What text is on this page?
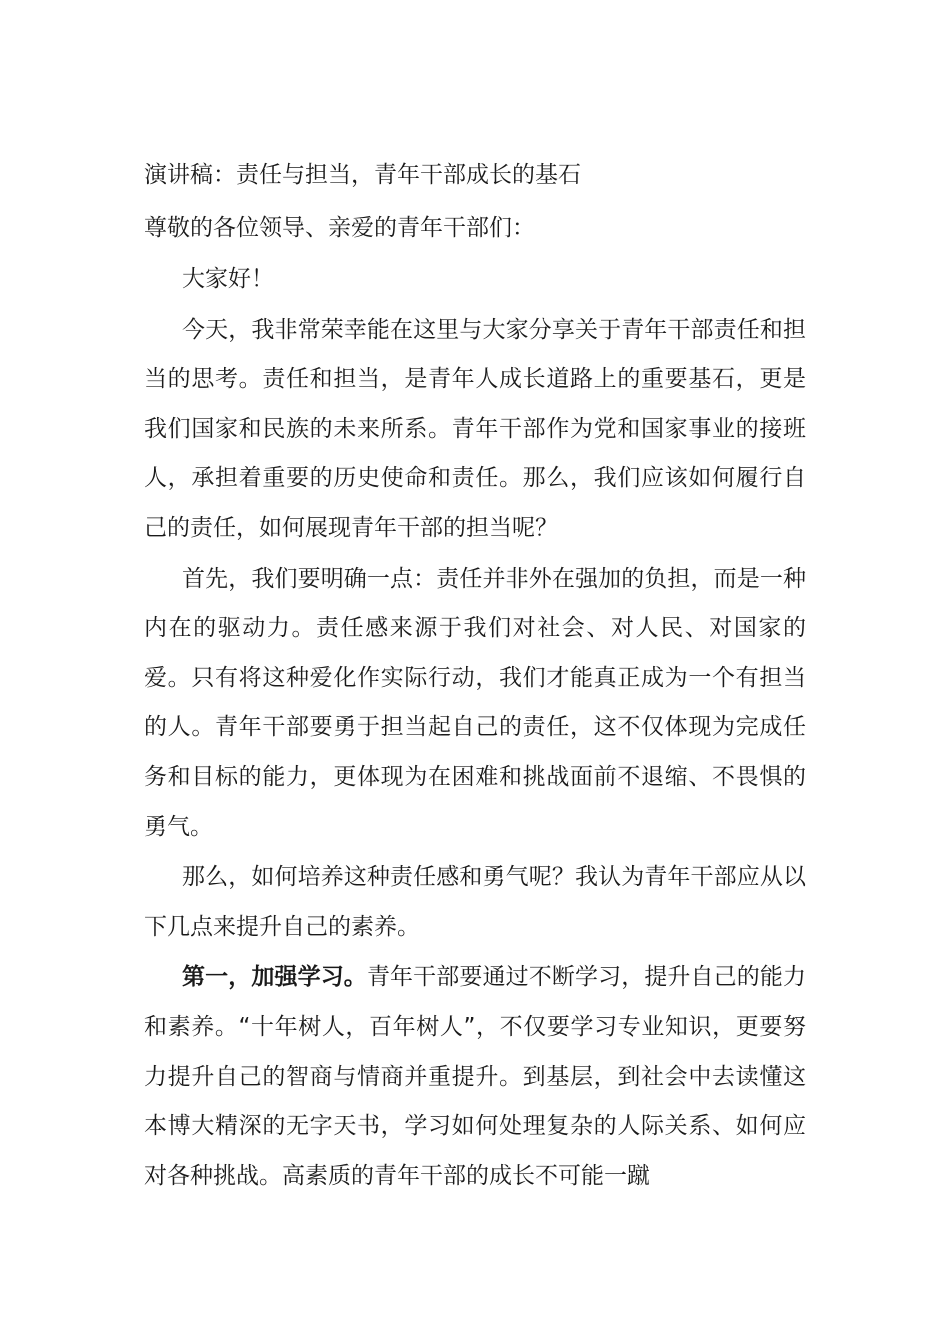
演讲稿：责任与担当，青年干部成长的基石
尊敬的各位领导、亲爱的青年干部们：

大家好！

今天，我非常荣幸能在这里与大家分享关于青年干部责任和担当的思考。责任和担当，是青年人成长道路上的重要基石，更是我们国家和民族的未来所系。青年干部作为党和国家事业的接班人，承担着重要的历史使命和责任。那么，我们应该如何履行自己的责任，如何展现青年干部的担当呢？

首先，我们要明确一点：责任并非外在强加的负担，而是一种内在的驱动力。责任感来源于我们对社会、对人民、对国家的爱。只有将这种爱化作实际行动，我们才能真正成为一个有担当的人。青年干部要勇于担当起自己的责任，这不仅体现为完成任务和目标的能力，更体现为在困难和挑战面前不退缩、不畏惧的勇气。

那么，如何培养这种责任感和勇气呢？我认为青年干部应从以下几点来提升自己的素养。

第一，加强学习。青年干部要通过不断学习，提升自己的能力和素养。“十年树人，百年树人”，不仅要学习专业知识，更要努力提升自己的智商与情商并重提升。到基层，到社会中去读懂这本博大精深的无字天书，学习如何处理复杂的人际关系、如何应对各种挑战。高素质的青年干部的成长不可能一蹴
